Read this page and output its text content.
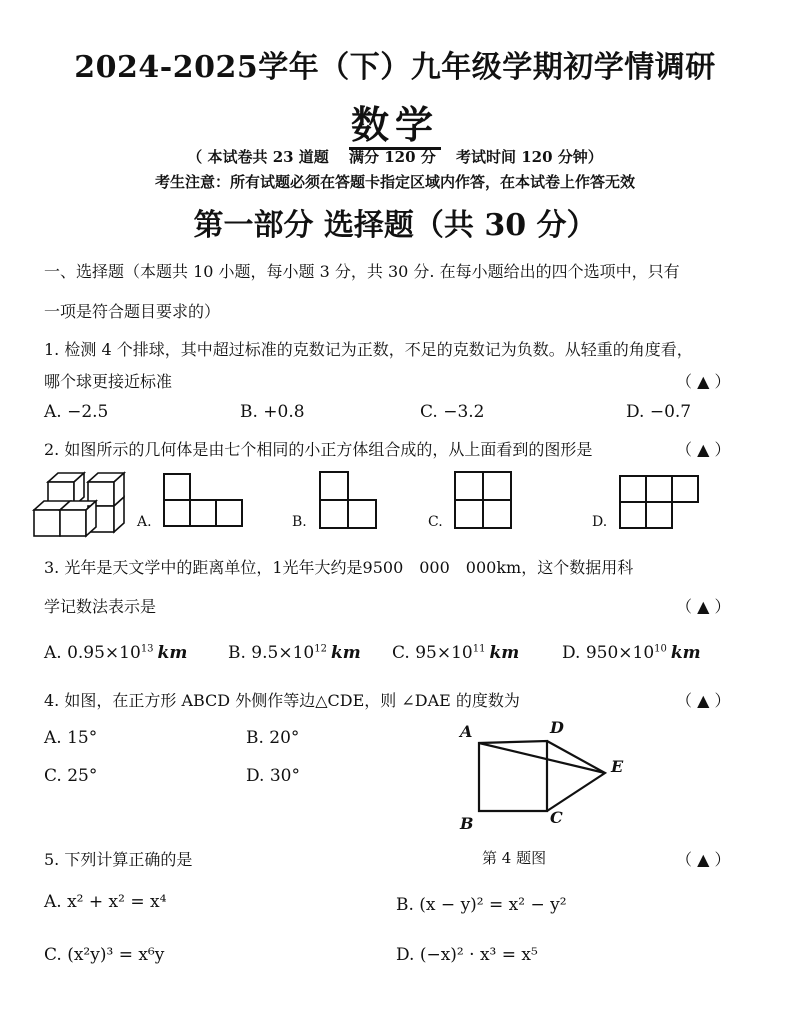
2024-2025学年（下）九年级学期初学情调研
数学
（ 本试卷共 23 道题　 满分 120 分　 考试时间 120 分钟）
考生注意：所有试题必须在答题卡指定区域内作答，在本试卷上作答无效
第一部分 选择题（共 30 分）
一、选择题（本题共 10 小题，每小题 3 分，共 30 分. 在每小题给出的四个选项中，只有
一项是符合题目要求的）
1. 检测 4 个排球，其中超过标准的克数记为正数，不足的克数记为负数。从轻重的角度看，
哪个球更接近标准	（ ▲ ）
A. −2.5	B. +0.8	C. −3.2	D. −0.7
2. 如图所示的几何体是由七个相同的小正方体组合成的，从上面看到的图形是	（ ▲ ）
A.	B.	C.	D.
3. 光年是天文学中的距离单位，1光年大约是9500　000　000km，这个数据用科
学记数法表示是	（ ▲ ）
A. $0.95\times 10^{13}$ km B. $9.5\times 10^{12}$ km C. $95\times 10^{11}$ km	D. $950\times 10^{10}$ km
4. 如图，在正方形 ABCD 外侧作等边△CDE，则 ∠DAE 的度数为	（ ▲ ）
A. 15°	B. 20°
C. 25°	D. 30°
A	D
E
B	C
第 4 题图
5. 下列计算正确的是	（ ▲ ）
A. x² + x² = x⁴	B. (x − y)² = x² − y²
C. (x²y)³ = x⁶y	D. (−x)² · x³ = x⁵
